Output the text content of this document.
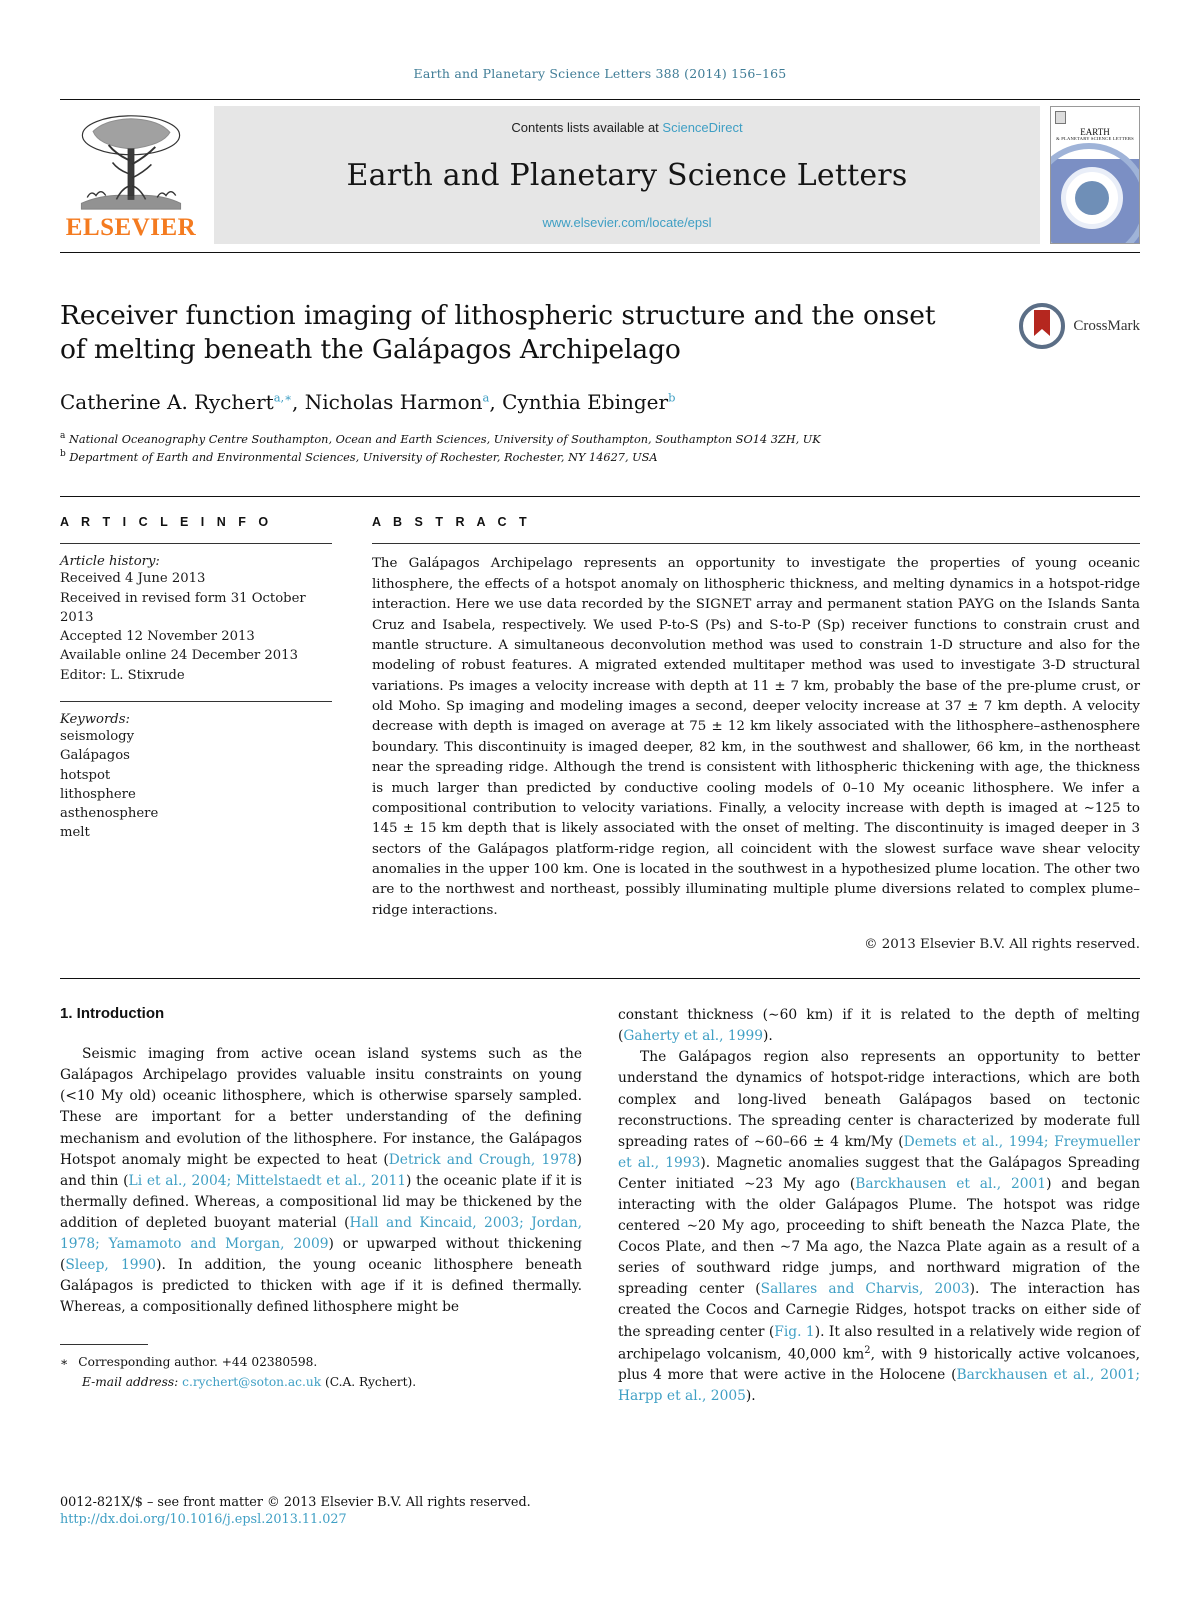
Earth and Planetary Science Letters 388 (2014) 156–165
ELSEVIER
Contents lists available at ScienceDirect
Earth and Planetary Science Letters
www.elsevier.com/locate/epsl
EARTH
& PLANETARY SCIENCE LETTERS
CrossMark
Receiver function imaging of lithospheric structure and the onset of melting beneath the Galápagos Archipelago
Catherine A. Rychert$^{a,∗}$, Nicholas Harmon$^a$, Cynthia Ebinger$^b$
$^a$ National Oceanography Centre Southampton, Ocean and Earth Sciences, University of Southampton, Southampton SO14 3ZH, UK
$^b$ Department of Earth and Environmental Sciences, University of Rochester, Rochester, NY 14627, USA
A R T I C L E I N F O
Article history:
Received 4 June 2013
Received in revised form 31 October 2013
Accepted 12 November 2013
Available online 24 December 2013
Editor: L. Stixrude
Keywords:
seismology
Galápagos
hotspot
lithosphere
asthenosphere
melt
A B S T R A C T
The Galápagos Archipelago represents an opportunity to investigate the properties of young oceanic lithosphere, the effects of a hotspot anomaly on lithospheric thickness, and melting dynamics in a hotspot-ridge interaction. Here we use data recorded by the SIGNET array and permanent station PAYG on the Islands Santa Cruz and Isabela, respectively. We used P-to-S (Ps) and S-to-P (Sp) receiver functions to constrain crust and mantle structure. A simultaneous deconvolution method was used to constrain 1-D structure and also for the modeling of robust features. A migrated extended multitaper method was used to investigate 3-D structural variations. Ps images a velocity increase with depth at 11 ± 7 km, probably the base of the pre-plume crust, or old Moho. Sp imaging and modeling images a second, deeper velocity increase at 37 ± 7 km depth. A velocity decrease with depth is imaged on average at 75 ± 12 km likely associated with the lithosphere–asthenosphere boundary. This discontinuity is imaged deeper, 82 km, in the southwest and shallower, 66 km, in the northeast near the spreading ridge. Although the trend is consistent with lithospheric thickening with age, the thickness is much larger than predicted by conductive cooling models of 0–10 My oceanic lithosphere. We infer a compositional contribution to velocity variations. Finally, a velocity increase with depth is imaged at ∼125 to 145 ± 15 km depth that is likely associated with the onset of melting. The discontinuity is imaged deeper in 3 sectors of the Galápagos platform-ridge region, all coincident with the slowest surface wave shear velocity anomalies in the upper 100 km. One is located in the southwest in a hypothesized plume location. The other two are to the northwest and northeast, possibly illuminating multiple plume diversions related to complex plume–ridge interactions.
© 2013 Elsevier B.V. All rights reserved.
1. Introduction

Seismic imaging from active ocean island systems such as the Galápagos Archipelago provides valuable insitu constraints on young (<10 My old) oceanic lithosphere, which is otherwise sparsely sampled. These are important for a better understanding of the defining mechanism and evolution of the lithosphere. For instance, the Galápagos Hotspot anomaly might be expected to heat (Detrick and Crough, 1978) and thin (Li et al., 2004; Mittelstaedt et al., 2011) the oceanic plate if it is thermally defined. Whereas, a compositional lid may be thickened by the addition of depleted buoyant material (Hall and Kincaid, 2003; Jordan, 1978; Yamamoto and Morgan, 2009) or upwarped without thickening (Sleep, 1990). In addition, the young oceanic lithosphere beneath Galápagos is predicted to thicken with age if it is defined thermally. Whereas, a compositionally defined lithosphere might be

∗ Corresponding author. +44 02380598.
E-mail address: c.rychert@soton.ac.uk (C.A. Rychert).

constant thickness (∼60 km) if it is related to the depth of melting (Gaherty et al., 1999).

The Galápagos region also represents an opportunity to better understand the dynamics of hotspot-ridge interactions, which are both complex and long-lived beneath Galápagos based on tectonic reconstructions. The spreading center is characterized by moderate full spreading rates of ∼60–66 ± 4 km/My (Demets et al., 1994; Freymueller et al., 1993). Magnetic anomalies suggest that the Galápagos Spreading Center initiated ∼23 My ago (Barckhausen et al., 2001) and began interacting with the older Galápagos Plume. The hotspot was ridge centered ∼20 My ago, proceeding to shift beneath the Nazca Plate, the Cocos Plate, and then ∼7 Ma ago, the Nazca Plate again as a result of a series of southward ridge jumps, and northward migration of the spreading center (Sallares and Charvis, 2003). The interaction has created the Cocos and Carnegie Ridges, hotspot tracks on either side of the spreading center (Fig. 1). It also resulted in a relatively wide region of archipelago volcanism, 40,000 $km^2$, with 9 historically active volcanoes, plus 4 more that were active in the Holocene (Barckhausen et al., 2001; Harpp et al., 2005).

0012-821X/$ – see front matter © 2013 Elsevier B.V. All rights reserved.
http://dx.doi.org/10.1016/j.epsl.2013.11.027
